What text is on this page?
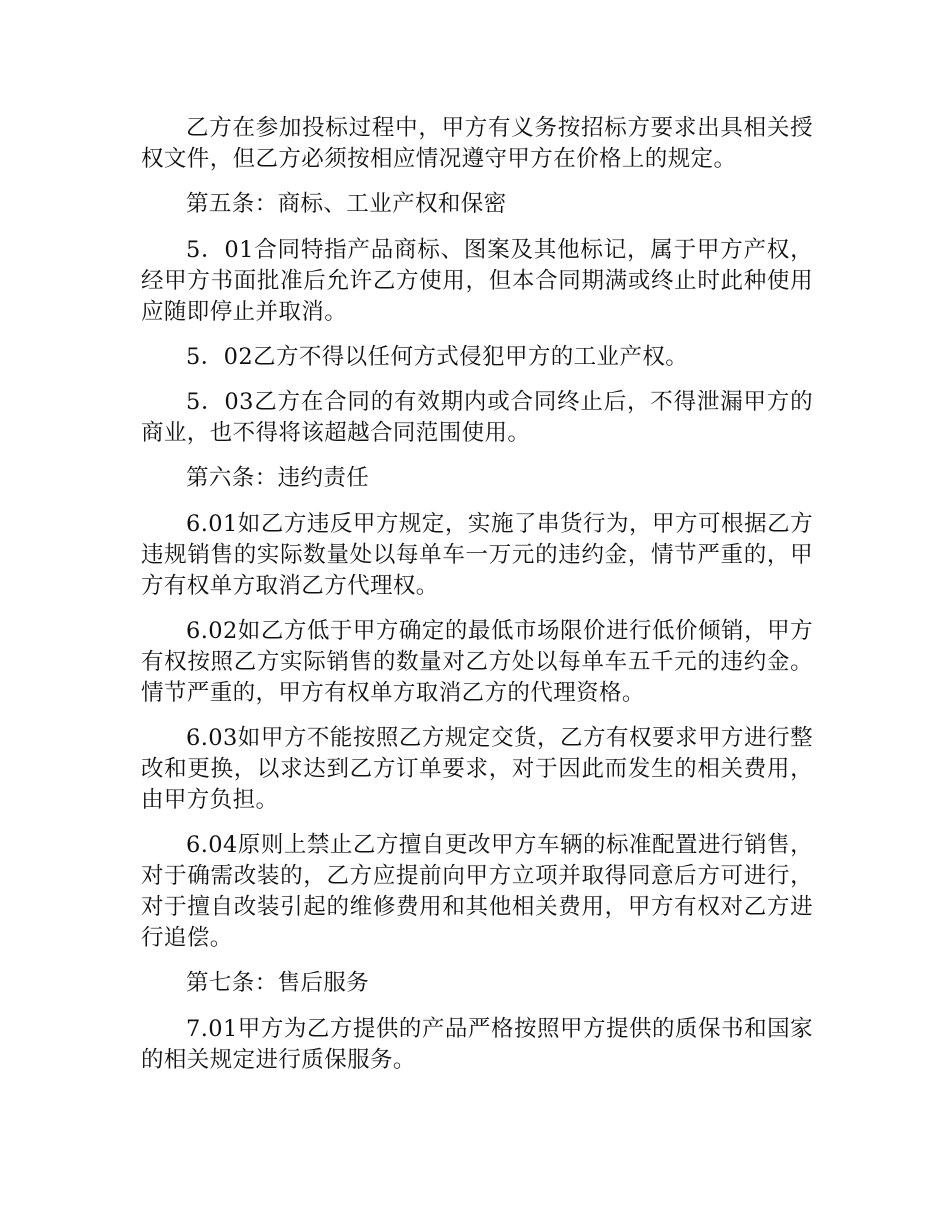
乙方在参加投标过程中，甲方有义务按招标方要求出具相关授权文件，但乙方必须按相应情况遵守甲方在价格上的规定。

第五条：商标、工业产权和保密

5．01合同特指产品商标、图案及其他标记，属于甲方产权，经甲方书面批准后允许乙方使用，但本合同期满或终止时此种使用应随即停止并取消。

5．02乙方不得以任何方式侵犯甲方的工业产权。

5．03乙方在合同的有效期内或合同终止后，不得泄漏甲方的商业，也不得将该超越合同范围使用。

第六条：违约责任

6.01如乙方违反甲方规定，实施了串货行为，甲方可根据乙方违规销售的实际数量处以每单车一万元的违约金，情节严重的，甲方有权单方取消乙方代理权。

6.02如乙方低于甲方确定的最低市场限价进行低价倾销，甲方有权按照乙方实际销售的数量对乙方处以每单车五千元的违约金。情节严重的，甲方有权单方取消乙方的代理资格。

6.03如甲方不能按照乙方规定交货，乙方有权要求甲方进行整改和更换，以求达到乙方订单要求，对于因此而发生的相关费用，由甲方负担。

6.04原则上禁止乙方擅自更改甲方车辆的标准配置进行销售，对于确需改装的，乙方应提前向甲方立项并取得同意后方可进行，对于擅自改装引起的维修费用和其他相关费用，甲方有权对乙方进行追偿。

第七条：售后服务

7.01甲方为乙方提供的产品严格按照甲方提供的质保书和国家的相关规定进行质保服务。
